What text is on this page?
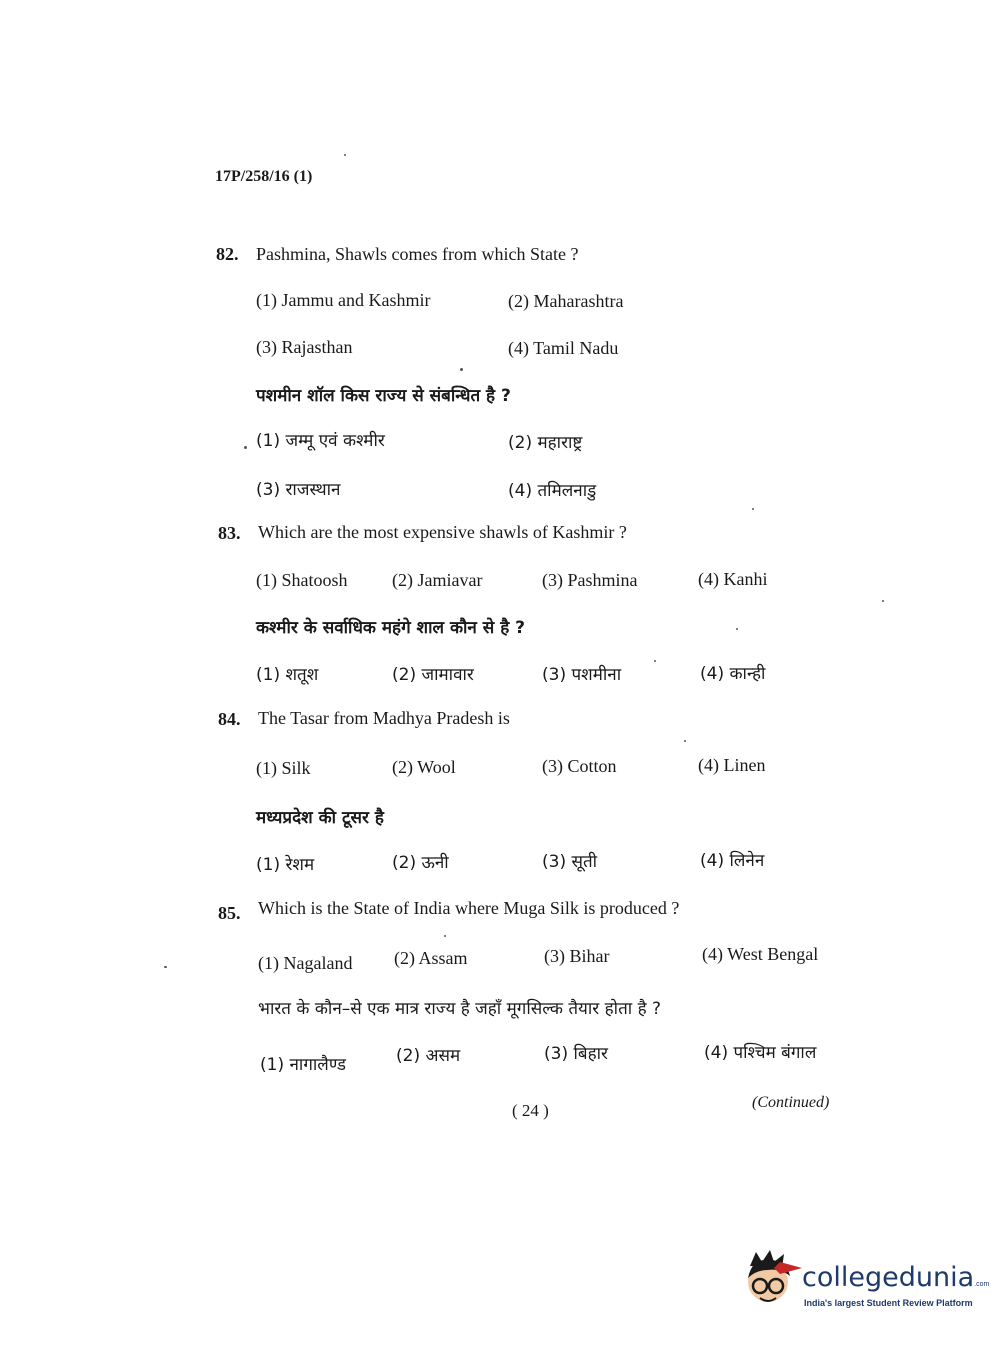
17P/258/16 (1)
82. Pashmina, Shawls comes from which State ?
(1) Jammu and Kashmir	(2) Maharashtra
(3) Rajasthan	(4) Tamil Nadu
पशमीन शॉल किस राज्य से संबन्धित है ?
(1) जम्मू एवं कश्मीर	(2) महाराष्ट्र
(3) राजस्थान	(4) तमिलनाडु
83. Which are the most expensive shawls of Kashmir ?
(1) Shatoosh (2) Jamiavar	(3) Pashmina	(4) Kanhi
कश्मीर के सर्वाधिक महंगे शाल कौन से है ?
(1) शतूश	(2) जामावार	(3) पशमीना	(4) कान्ही
84. The Tasar from Madhya Pradesh is
(1) Silk	(2) Wool	(3) Cotton	(4) Linen
मध्यप्रदेश की टूसर है
(1) रेशम	(2) ऊनी	(3) सूती	(4) लिनेन
85. Which is the State of India where Muga Silk is produced ?
(1) Nagaland (2) Assam	(3) Bihar	(4) West Bengal
भारत के कौन–से एक मात्र राज्य है जहाँ मूगसिल्क तैयार होता है ?
(1) नागालैण्ड	(2) असम	(3) बिहार	(4) पश्चिम बंगाल
( 24 )	(Continued)
collegedunia.com
India's largest Student Review Platform
